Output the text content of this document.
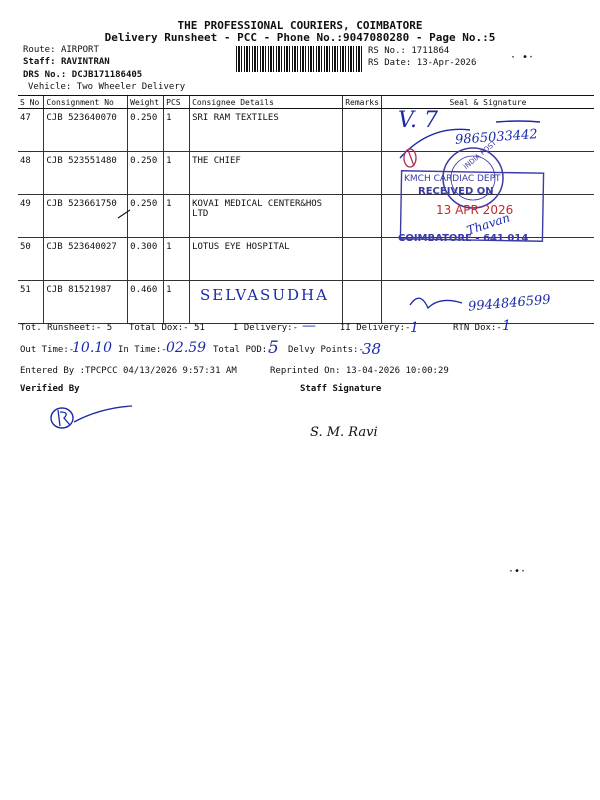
THE PROFESSIONAL COURIERS, COIMBATORE
Delivery Runsheet - PCC - Phone No.:9047080280 - Page No.:5
Route: AIRPORT
Staff: RAVINTRAN
DRS No.: DCJB171186405
Vehicle: Two Wheeler Delivery
RS No.: 1711864
RS Date: 13-Apr-2026	· •⋅
S No	Consignment No	Weight	PCS	Consignee Details	Remarks	Seal & Signature
47	CJB 523640070	0.250	1	SRI RAM TEXTILES		
48	CJB 523551480	0.250	1	THE CHIEF		
49	CJB 523661750	0.250	1	KOVAI MEDICAL CENTER&HOS LTD		
50	CJB 523640027	0.300	1	LOTUS EYE HOSPITAL		
51	CJB 81521987	0.460	1			
V. 7
9865033442
SELVASUDHA	9944846599
Thavan
INDIA POST
KMCH CARDIAC DEPT
RECEIVED ON
13 APR 2026
COIMBATORE - 641 014
Tot. Runsheet:- 5 Total Dox:- 51	I Delivery:- —	II Delivery:- 1	RTN Dox:- 1
Out Time:-
10.10 In Time:- 02.59 Total POD:-
5 Delvy Points:-
38
Entered By :TPCPCC 04/13/2026 9:57:31 AM	Reprinted On: 13-04-2026 10:00:29
Verified By	Staff Signature
S. M. Ravi
·•⋅
